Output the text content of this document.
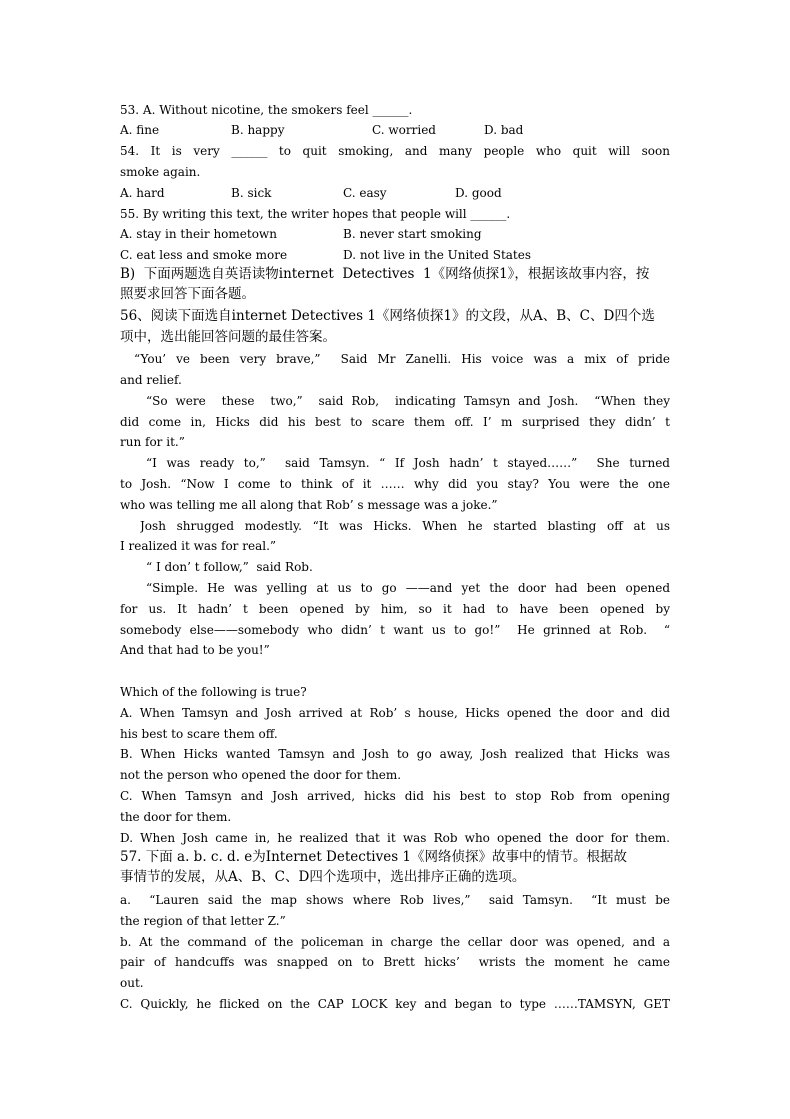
53. A. Without nicotine, the smokers feel ______.
A. fine	B. happy	C. worried	D. bad
54.  It  is  very  ______  to  quit  smoking,  and  many  people  who  quit  will  soon
smoke again.
A. hard	B. sick	C. easy	D. good
55. By writing this text, the writer hopes that people will ______.
A. stay in their hometown	B. never start smoking
C. eat less and smoke more	D. not live in the United States
B)  下面两题选自英语读物internet  Detectives  1《网络侦探1》，根据该故事内容，按
照要求回答下面各题。
56、阅读下面选自internet Detectives 1《网络侦探1》的文段，从A、B、C、D四个选
项中，选出能回答问题的最佳答案。
“You’ ve been very brave,”  Said Mr Zanelli. His voice was a mix of pride
and relief.
“So were  these  two,”  said Rob,  indicating Tamsyn and Josh.  “When they
did come in, Hicks did his best to scare them off. I’ m surprised they didn’ t
run for it.”
“I was ready to,”  said Tamsyn. “ If Josh hadn’ t stayed……”  She turned
to Josh. “Now I come to think of it …… why did you stay? You were the one
who was telling me all along that Rob’ s message was a joke.”
Josh shrugged modestly. “It was Hicks. When he started blasting off at us
I realized it was for real.”
“ I don’ t follow,”  said Rob.
“Simple. He was yelling at us to go ——and yet the door had been opened
for us. It hadn’ t been opened by him, so it had to have been opened by
somebody else——somebody who didn’ t want us to go!”  He grinned at Rob.  “
And that had to be you!”
Which of the following is true?
A. When Tamsyn and Josh arrived at Rob’ s house, Hicks opened the door and did
his best to scare them off.
B. When Hicks wanted Tamsyn and Josh to go away, Josh realized that Hicks was
not the person who opened the door for them.
C. When Tamsyn and Josh arrived, hicks did his best to stop Rob from opening
the door for them.
D. When Josh came in, he realized that it was Rob who opened the door for them.
57. 下面 a. b. c. d. e为Internet Detectives 1《网络侦探》故事中的情节。根据故
事情节的发展，从A、B、C、D四个选项中，选出排序正确的选项。
a.  “Lauren said the map shows where Rob lives,”  said Tamsyn.  “It must be
the region of that letter Z.”
b. At the command of the policeman in charge the cellar door was opened, and a
pair of handcuffs was snapped on to Brett hicks’  wrists the moment he came
out.
C. Quickly, he flicked on the CAP LOCK key and began to type ……TAMSYN, GET
